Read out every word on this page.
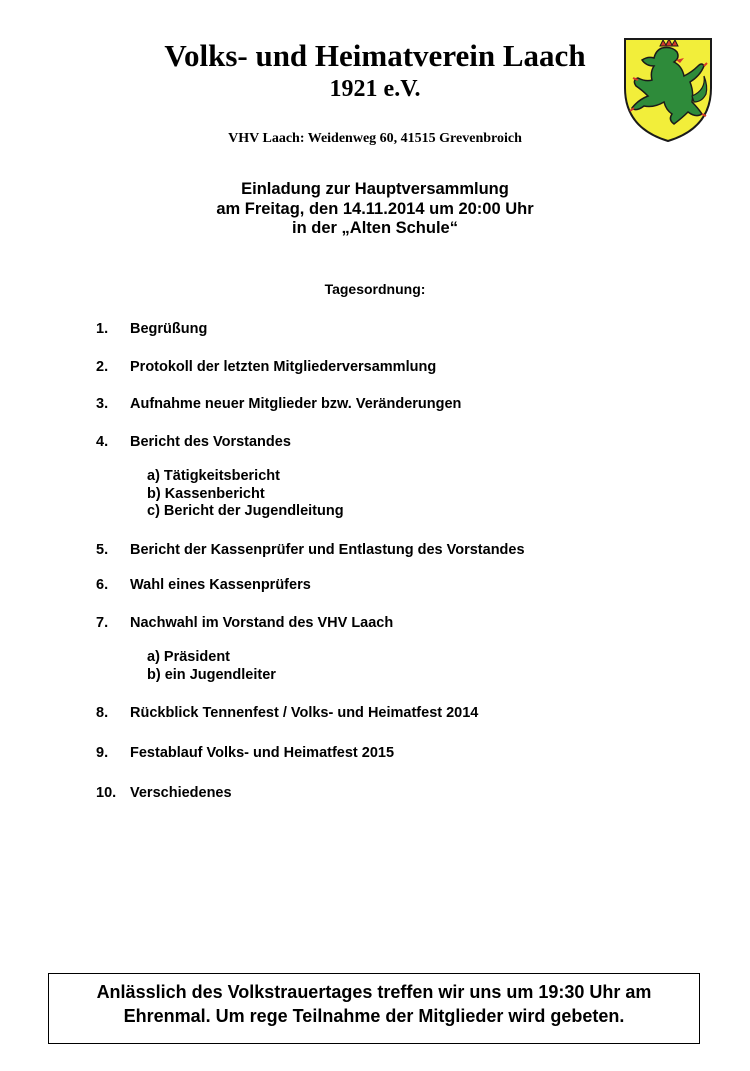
Volks- und Heimatverein Laach
1921 e.V.
VHV Laach: Weidenweg 60, 41515 Grevenbroich
Einladung zur Hauptversammlung
am Freitag, den 14.11.2014 um 20:00 Uhr
in der „Alten Schule“
Tagesordnung:
1. Begrüßung
2. Protokoll der letzten Mitgliederversammlung
3. Aufnahme neuer Mitglieder bzw. Veränderungen
4. Bericht des Vorstandes
a) Tätigkeitsbericht
b) Kassenbericht
c) Bericht der Jugendleitung
5. Bericht der Kassenprüfer und Entlastung des Vorstandes
6. Wahl eines Kassenprüfers
7. Nachwahl im Vorstand des VHV Laach
a) Präsident
b) ein Jugendleiter
8. Rückblick Tennenfest / Volks- und Heimatfest 2014
9. Festablauf Volks- und Heimatfest 2015
10. Verschiedenes
Anlässlich des Volkstrauertages treffen wir uns um 19:30 Uhr am
Ehrenmal. Um rege Teilnahme der Mitglieder wird gebeten.
